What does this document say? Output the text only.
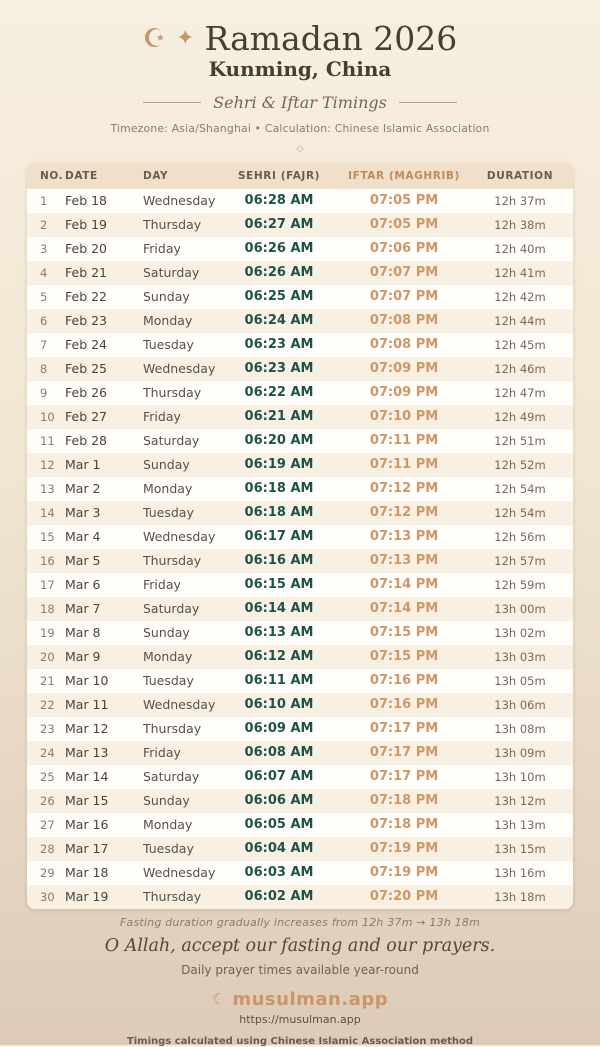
☪ ✦ Ramadan 2026
Kunming, China
Sehri & Iftar Timings
Timezone: Asia/Shanghai • Calculation: Chinese Islamic Association
◇
NO. DATE	DAY	SEHRI (FAJR)	IFTAR (MAGHRIB)	DURATION
1	Feb 18	Wednesday	06:28 AM	07:05 PM	12h 37m
2	Feb 19	Thursday	06:27 AM	07:05 PM	12h 38m
3	Feb 20	Friday	06:26 AM	07:06 PM	12h 40m
4	Feb 21	Saturday	06:26 AM	07:07 PM	12h 41m
5	Feb 22	Sunday	06:25 AM	07:07 PM	12h 42m
6	Feb 23	Monday	06:24 AM	07:08 PM	12h 44m
7	Feb 24	Tuesday	06:23 AM	07:08 PM	12h 45m
8	Feb 25	Wednesday	06:23 AM	07:09 PM	12h 46m
9	Feb 26	Thursday	06:22 AM	07:09 PM	12h 47m
10 Feb 27	Friday	06:21 AM	07:10 PM	12h 49m
11 Feb 28	Saturday	06:20 AM	07:11 PM	12h 51m
12 Mar 1	Sunday	06:19 AM	07:11 PM	12h 52m
13 Mar 2	Monday	06:18 AM	07:12 PM	12h 54m
14 Mar 3	Tuesday	06:18 AM	07:12 PM	12h 54m
15 Mar 4	Wednesday	06:17 AM	07:13 PM	12h 56m
16 Mar 5	Thursday	06:16 AM	07:13 PM	12h 57m
17 Mar 6	Friday	06:15 AM	07:14 PM	12h 59m
18 Mar 7	Saturday	06:14 AM	07:14 PM	13h 00m
19 Mar 8	Sunday	06:13 AM	07:15 PM	13h 02m
20 Mar 9	Monday	06:12 AM	07:15 PM	13h 03m
21 Mar 10	Tuesday	06:11 AM	07:16 PM	13h 05m
22 Mar 11	Wednesday	06:10 AM	07:16 PM	13h 06m
23 Mar 12	Thursday	06:09 AM	07:17 PM	13h 08m
24 Mar 13	Friday	06:08 AM	07:17 PM	13h 09m
25 Mar 14	Saturday	06:07 AM	07:17 PM	13h 10m
26 Mar 15	Sunday	06:06 AM	07:18 PM	13h 12m
27 Mar 16	Monday	06:05 AM	07:18 PM	13h 13m
28 Mar 17	Tuesday	06:04 AM	07:19 PM	13h 15m
29 Mar 18	Wednesday	06:03 AM	07:19 PM	13h 16m
30 Mar 19	Thursday	06:02 AM	07:20 PM	13h 18m
Fasting duration gradually increases from 12h 37m → 13h 18m
O Allah, accept our fasting and our prayers.
Daily prayer times available year-round
☾ musulman.app
https://musulman.app
Timings calculated using Chinese Islamic Association method
